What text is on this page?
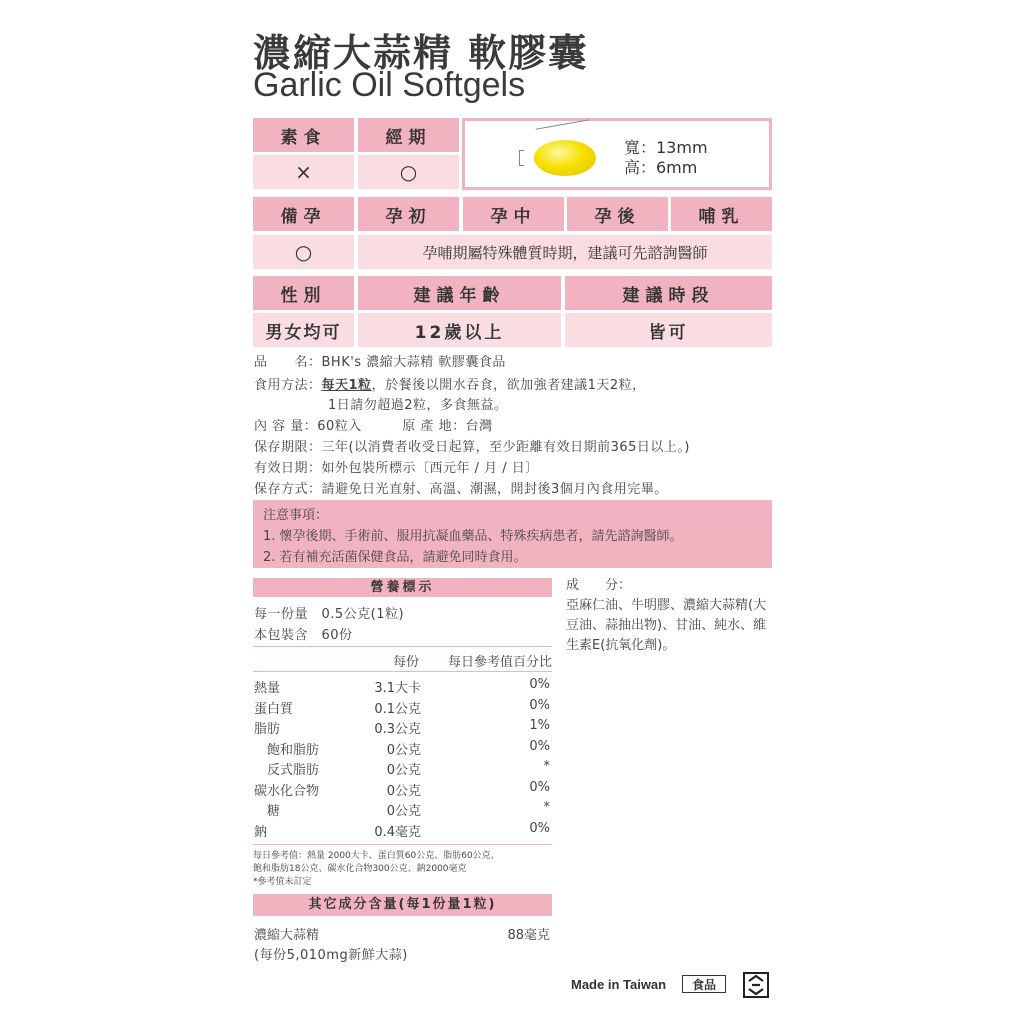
濃縮大蒜精 軟膠囊
Garlic Oil Softgels
素食	經期
×	○
寬：13mm
高：6mm
備孕	孕初	孕中	孕後	哺乳
○	孕哺期屬特殊體質時期，建議可先諮詢醫師
性別	建議年齡	建議時段
男女均可	12歲以上	皆可
品　　名：BHK's 濃縮大蒜精 軟膠囊食品
食用方法：每天1粒，於餐後以開水吞食，欲加強者建議1天2粒，
1日請勿超過2粒，多食無益。
內 容 量：60粒入　　　原 產 地：台灣
保存期限：三年(以消費者收受日起算，至少距離有效日期前365日以上。)
有效日期：如外包裝所標示〔西元年 / 月 / 日〕
保存方式：請避免日光直射、高溫、潮濕，開封後3個月內食用完畢。
注意事項：
1. 懷孕後期、手術前、服用抗凝血藥品、特殊疾病患者，請先諮詢醫師。
2. 若有補充活菌保健食品，請避免同時食用。
營養標示
每一份量　0.5公克(1粒)
本包裝含　60份
每份 每日參考值百分比
熱量	3.1大卡	0%
蛋白質	0.1公克	0%
脂肪	0.3公克	1%
　飽和脂肪	0公克	0%
　反式脂肪	0公克	*
碳水化合物	0公克	0%
　糖	0公克	*
鈉	0.4毫克	0%
每日參考值：熱量 2000大卡、蛋白質60公克、脂肪60公克、
飽和脂肪18公克、碳水化合物300公克、鈉2000毫克
*參考值未訂定
其它成分含量(每1份量1粒)
濃縮大蒜精	88毫克
(每份5,010mg新鮮大蒜)
成　　分：
亞麻仁油、牛明膠、濃縮大蒜精(大豆油、蒜抽出物)、甘油、純水、維生素E(抗氧化劑)。
Made in Taiwan	食品
